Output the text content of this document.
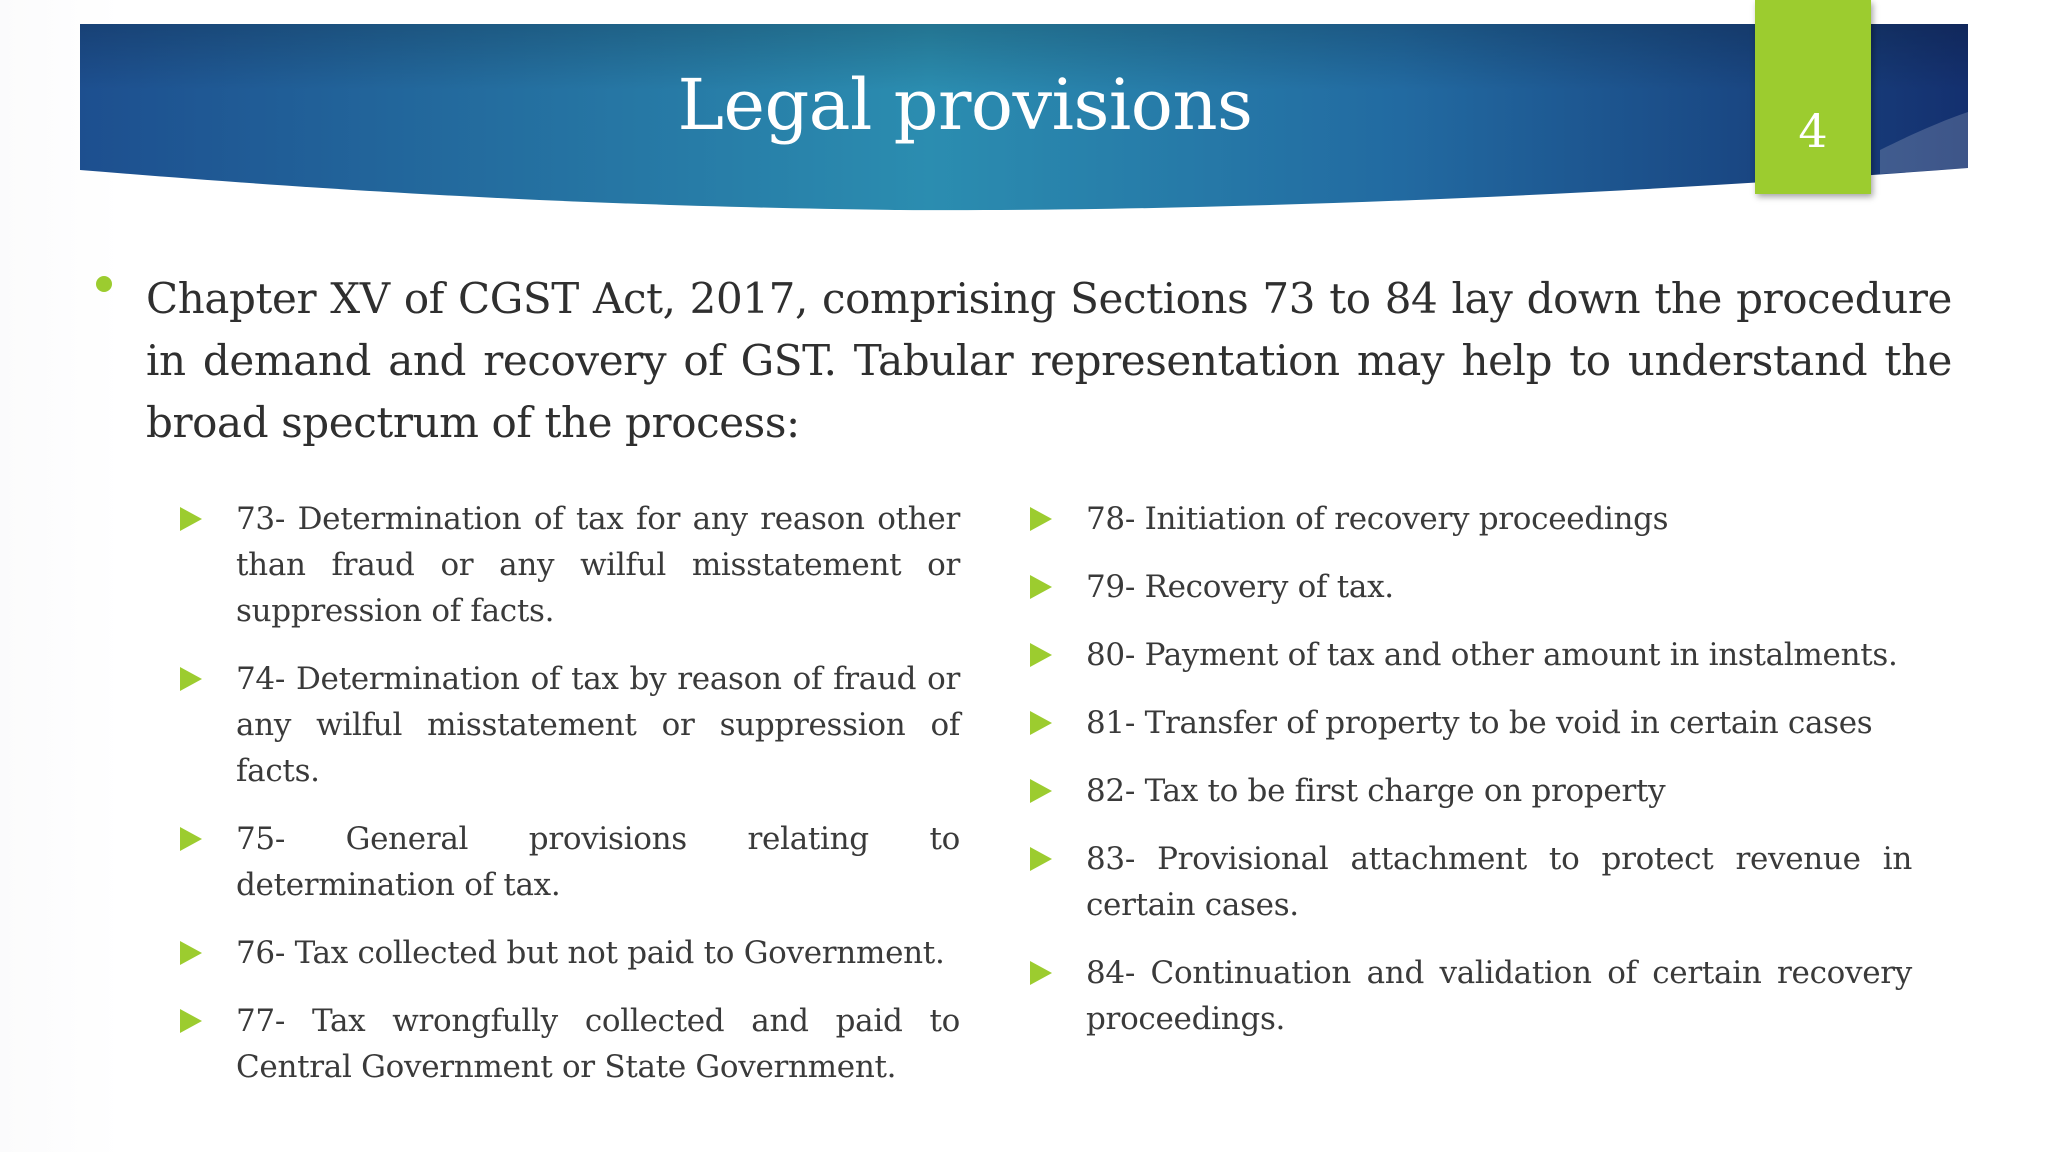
Legal provisions	4
Chapter XV of CGST Act, 2017, comprising Sections 73 to 84 lay down the procedure in demand and recovery of GST. Tabular representation may help to understand the broad spectrum of the process:
73- Determination of tax for any reason other than fraud or any wilful misstatement or suppression of facts.
74- Determination of tax by reason of fraud or any wilful misstatement or suppression of facts.
75- General provisions relating to determination of tax.
76- Tax collected but not paid to Government.
77- Tax wrongfully collected and paid to Central Government or State Government.
78- Initiation of recovery proceedings
79- Recovery of tax.
80- Payment of tax and other amount in instalments.
81- Transfer of property to be void in certain cases
82- Tax to be first charge on property
83- Provisional attachment to protect revenue in certain cases.
84- Continuation and validation of certain recovery proceedings.
